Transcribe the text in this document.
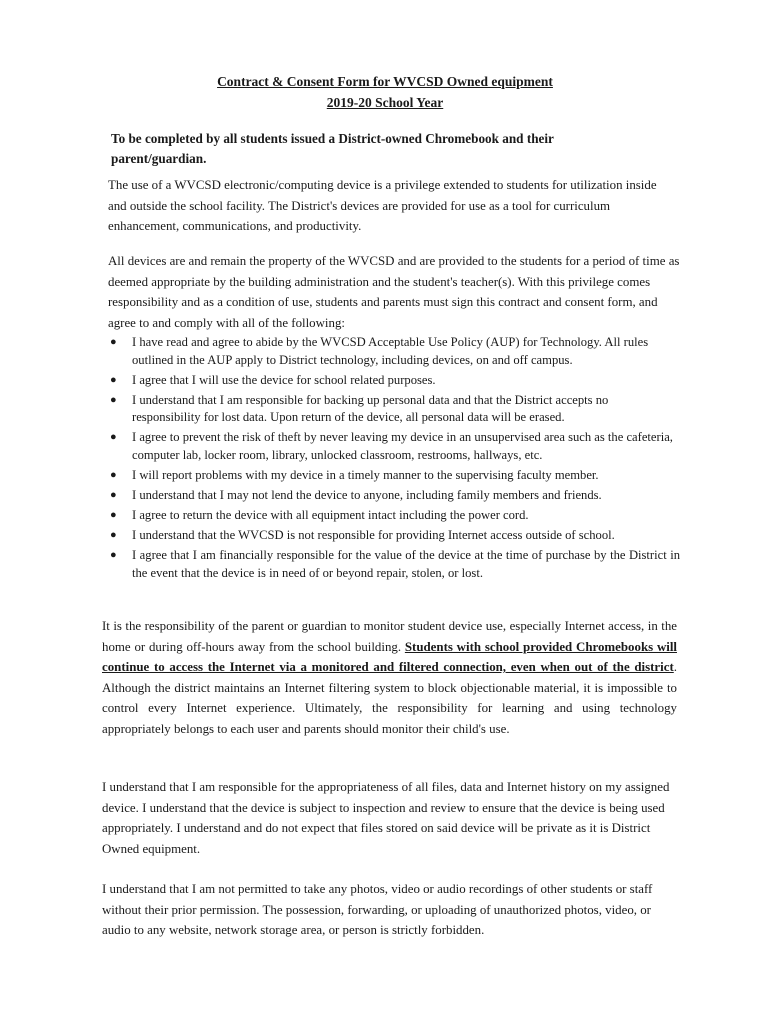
Contract & Consent Form for WVCSD Owned equipment
2019-20 School Year
To be completed by all students issued a District-owned Chromebook and their parent/guardian.
The use of a WVCSD electronic/computing device is a privilege extended to students for utilization inside and outside the school facility. The District's devices are provided for use as a tool for curriculum enhancement, communications, and productivity.
All devices are and remain the property of the WVCSD and are provided to the students for a period of time as deemed appropriate by the building administration and the student's teacher(s). With this privilege comes responsibility and as a condition of use, students and parents must sign this contract and consent form, and agree to and comply with all of the following:
● I have read and agree to abide by the WVCSD Acceptable Use Policy (AUP) for Technology. All rules outlined in the AUP apply to District technology, including devices, on and off campus.
● I agree that I will use the device for school related purposes.
● I understand that I am responsible for backing up personal data and that the District accepts no responsibility for lost data. Upon return of the device, all personal data will be erased.
● I agree to prevent the risk of theft by never leaving my device in an unsupervised area such as the cafeteria, computer lab, locker room, library, unlocked classroom, restrooms, hallways, etc.
● I will report problems with my device in a timely manner to the supervising faculty member.
● I understand that I may not lend the device to anyone, including family members and friends.
● I agree to return the device with all equipment intact including the power cord.
● I understand that the WVCSD is not responsible for providing Internet access outside of school.
● I agree that I am financially responsible for the value of the device at the time of purchase by the District in the event that the device is in need of or beyond repair, stolen, or lost.
It is the responsibility of the parent or guardian to monitor student device use, especially Internet access, in the home or during off-hours away from the school building. Students with school provided Chromebooks will continue to access the Internet via a monitored and filtered connection, even when out of the district. Although the district maintains an Internet filtering system to block objectionable material, it is impossible to control every Internet experience. Ultimately, the responsibility for learning and using technology appropriately belongs to each user and parents should monitor their child's use.
I understand that I am responsible for the appropriateness of all files, data and Internet history on my assigned device. I understand that the device is subject to inspection and review to ensure that the device is being used appropriately. I understand and do not expect that files stored on said device will be private as it is District Owned equipment.
I understand that I am not permitted to take any photos, video or audio recordings of other students or staff without their prior permission. The possession, forwarding, or uploading of unauthorized photos, video, or audio to any website, network storage area, or person is strictly forbidden.
